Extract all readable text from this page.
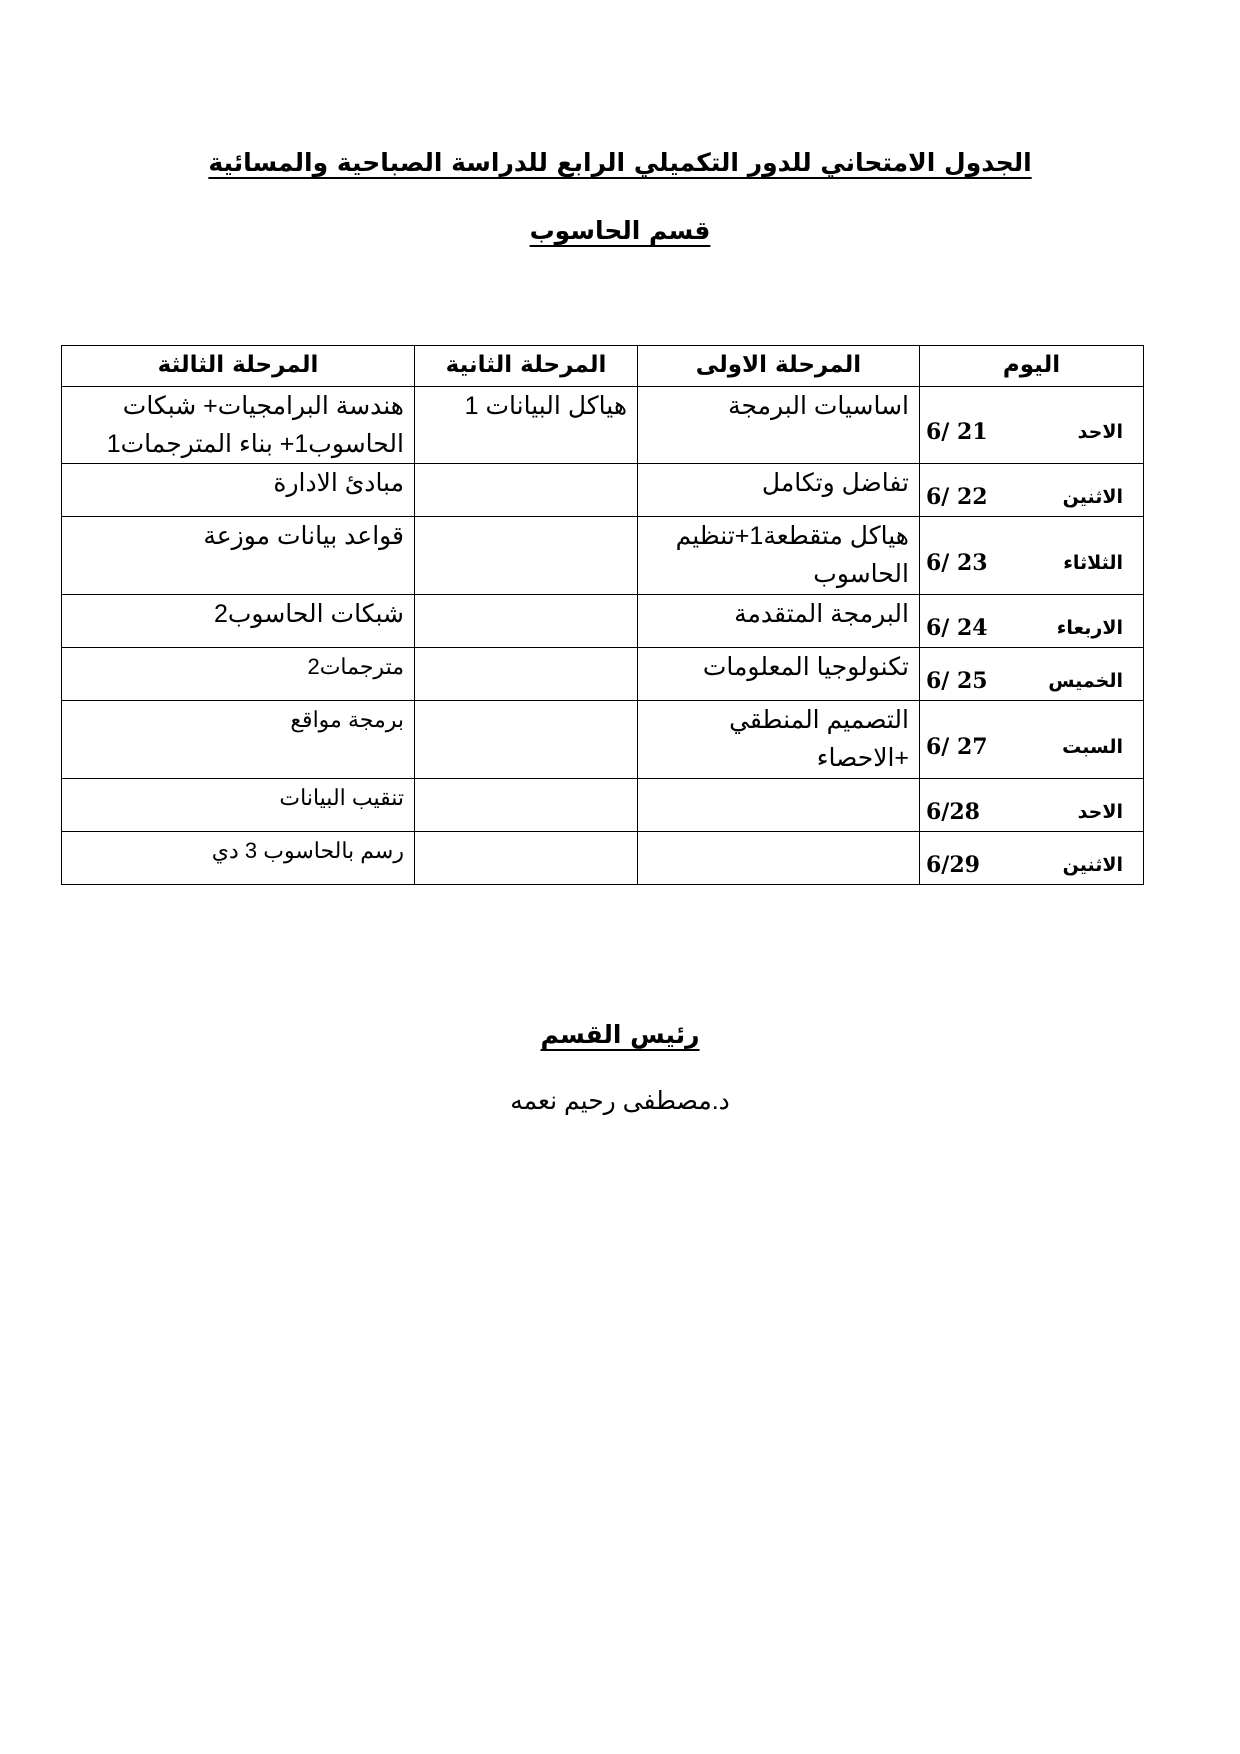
الجدول الامتحاني للدور التكميلي الرابع للدراسة الصباحية والمسائية
قسم الحاسوب
اليوم	المرحلة الاولى	المرحلة الثانية	المرحلة الثالثة

الاحد
6/ 21	اساسيات البرمجة	هياكل البيانات 1	هندسة البرامجيات+ شبكات الحاسوب1+ بناء المترجمات1

الاثنين
6/ 22	تفاضل وتكامل		مبادئ الادارة

الثلاثاء
6/ 23	هياكل متقطعة1+تنظيم الحاسوب		قواعد بيانات موزعة

الاربعاء
6/ 24	البرمجة المتقدمة		شبكات الحاسوب2

الخميس
6/ 25	تكنولوجيا المعلومات		مترجمات2

السبت
6/ 27	التصميم المنطقي +الاحصاء		برمجة مواقع

الاحد
6/28			تنقيب البيانات

الاثنين
6/29			رسم بالحاسوب 3 دي
رئيس القسم

د.مصطفى رحيم نعمه
